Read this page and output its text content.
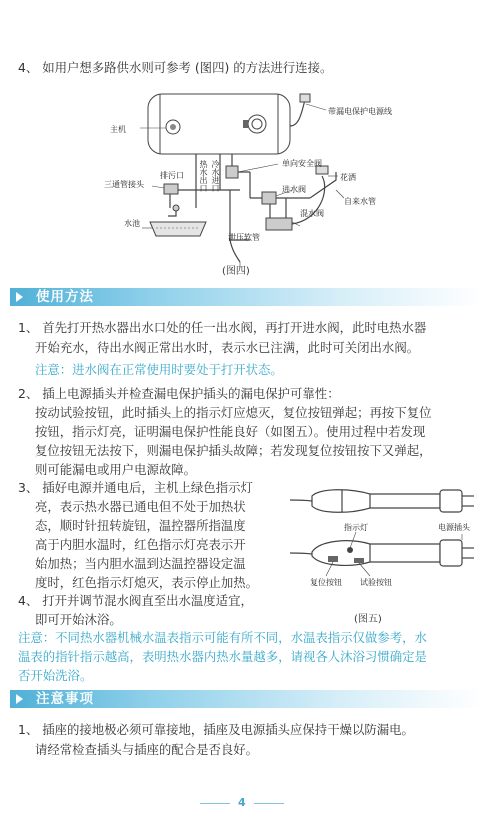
4、 如用户想多路供水则可参考 (图四) 的方法进行连接。

主机
带漏电保护电源线
单向安全阀
三通管接头
排污口 热水出口 冷水进口	进水阀
花洒
自来水管
混水阀
水池
泄压软管
(图四)
使用方法

1、 首先打开热水器出水口处的任一出水阀，再打开进水阀，此时电热水器

开始充水，待出水阀正常出水时，表示水已注满，此时可关闭出水阀。

注意：进水阀在正常使用时要处于打开状态。

2、 插上电源插头并检查漏电保护插头的漏电保护可靠性：

按动试验按钮，此时插头上的指示灯应熄灭，复位按钮弹起；再按下复位

按钮，指示灯亮，证明漏电保护性能良好（如图五）。使用过程中若发现

复位按钮无法按下，则漏电保护插头故障；若发现复位按钮按下又弹起，

则可能漏电或用户电源故障。

3、 插好电源并通电后，主机上绿色指示灯

亮，表示热水器已通电但不处于加热状

态，顺时针扭转旋钮，温控器所指温度

高于内胆水温时，红色指示灯亮表示开

始加热；当内胆水温到达温控器设定温

度时，红色指示灯熄灭，表示停止加热。

4、 打开并调节混水阀直至出水温度适宜，

即可开始沐浴。

指示灯	电源插头
复位按钮 试验按钮
(图五)

注意：不同热水器机械水温表指示可能有所不同，水温表指示仅做参考，水

温表的指针指示越高，表明热水器内热水量越多，请视各人沐浴习惯确定是

否开始洗浴。

注意事项

1、 插座的接地极必须可靠接地，插座及电源插头应保持干燥以防漏电。

请经常检查插头与插座的配合是否良好。

4
